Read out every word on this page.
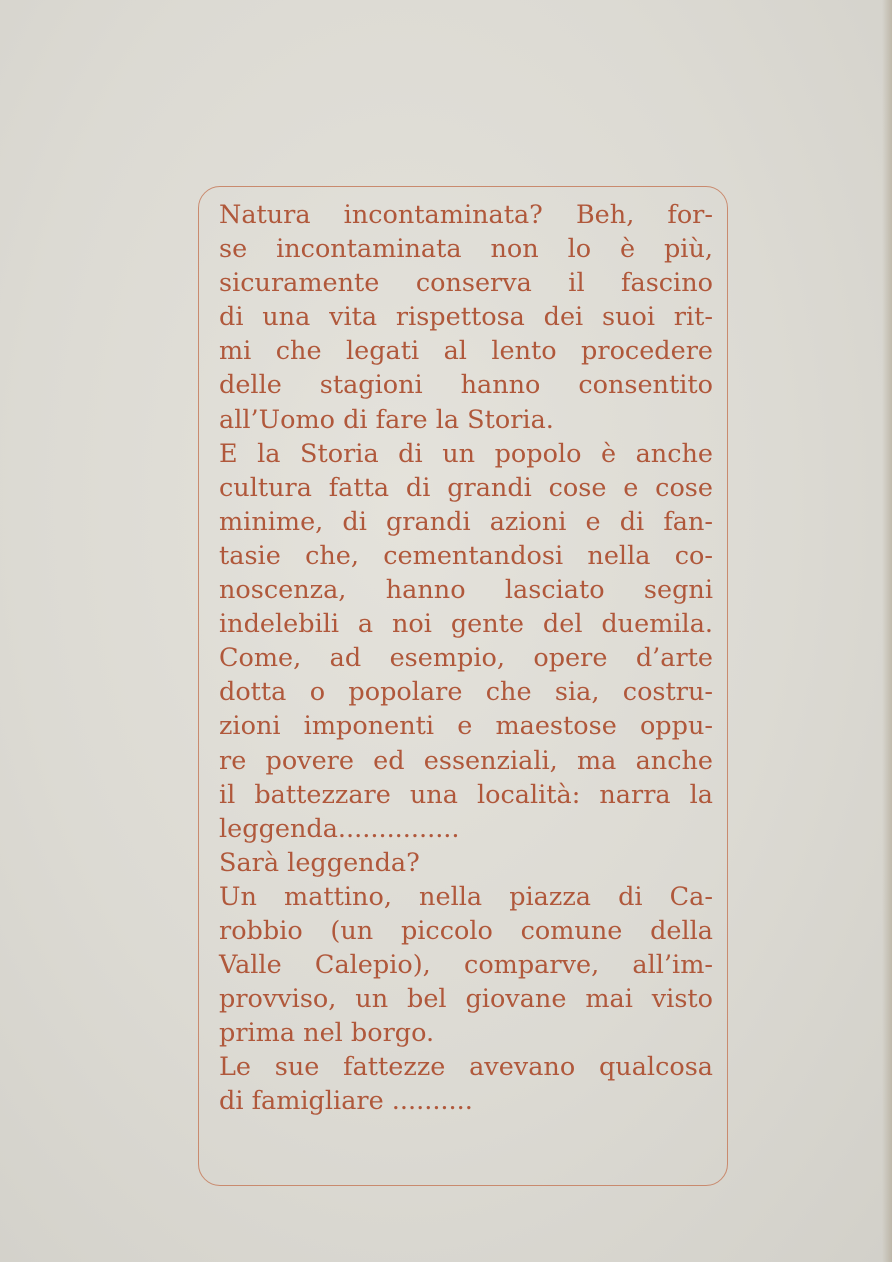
Natura incontaminata? Beh, for-
se incontaminata non lo è più,
sicuramente conserva il fascino
di una vita rispettosa dei suoi rit-
mi che legati al lento procedere
delle stagioni hanno consentito
all’Uomo di fare la Storia.
E la Storia di un popolo è anche
cultura fatta di grandi cose e cose
minime, di grandi azioni e di fan-
tasie che, cementandosi nella co-
noscenza, hanno lasciato segni
indelebili a noi gente del duemila.
Come, ad esempio, opere d’arte
dotta o popolare che sia, costru-
zioni imponenti e maestose oppu-
re povere ed essenziali, ma anche
il battezzare una località: narra la
leggenda...............
Sarà leggenda?
Un mattino, nella piazza di Ca-
robbio (un piccolo comune della
Valle Calepio), comparve, all’im-
provviso, un bel giovane mai visto
prima nel borgo.
Le sue fattezze avevano qualcosa
di famigliare ..........
